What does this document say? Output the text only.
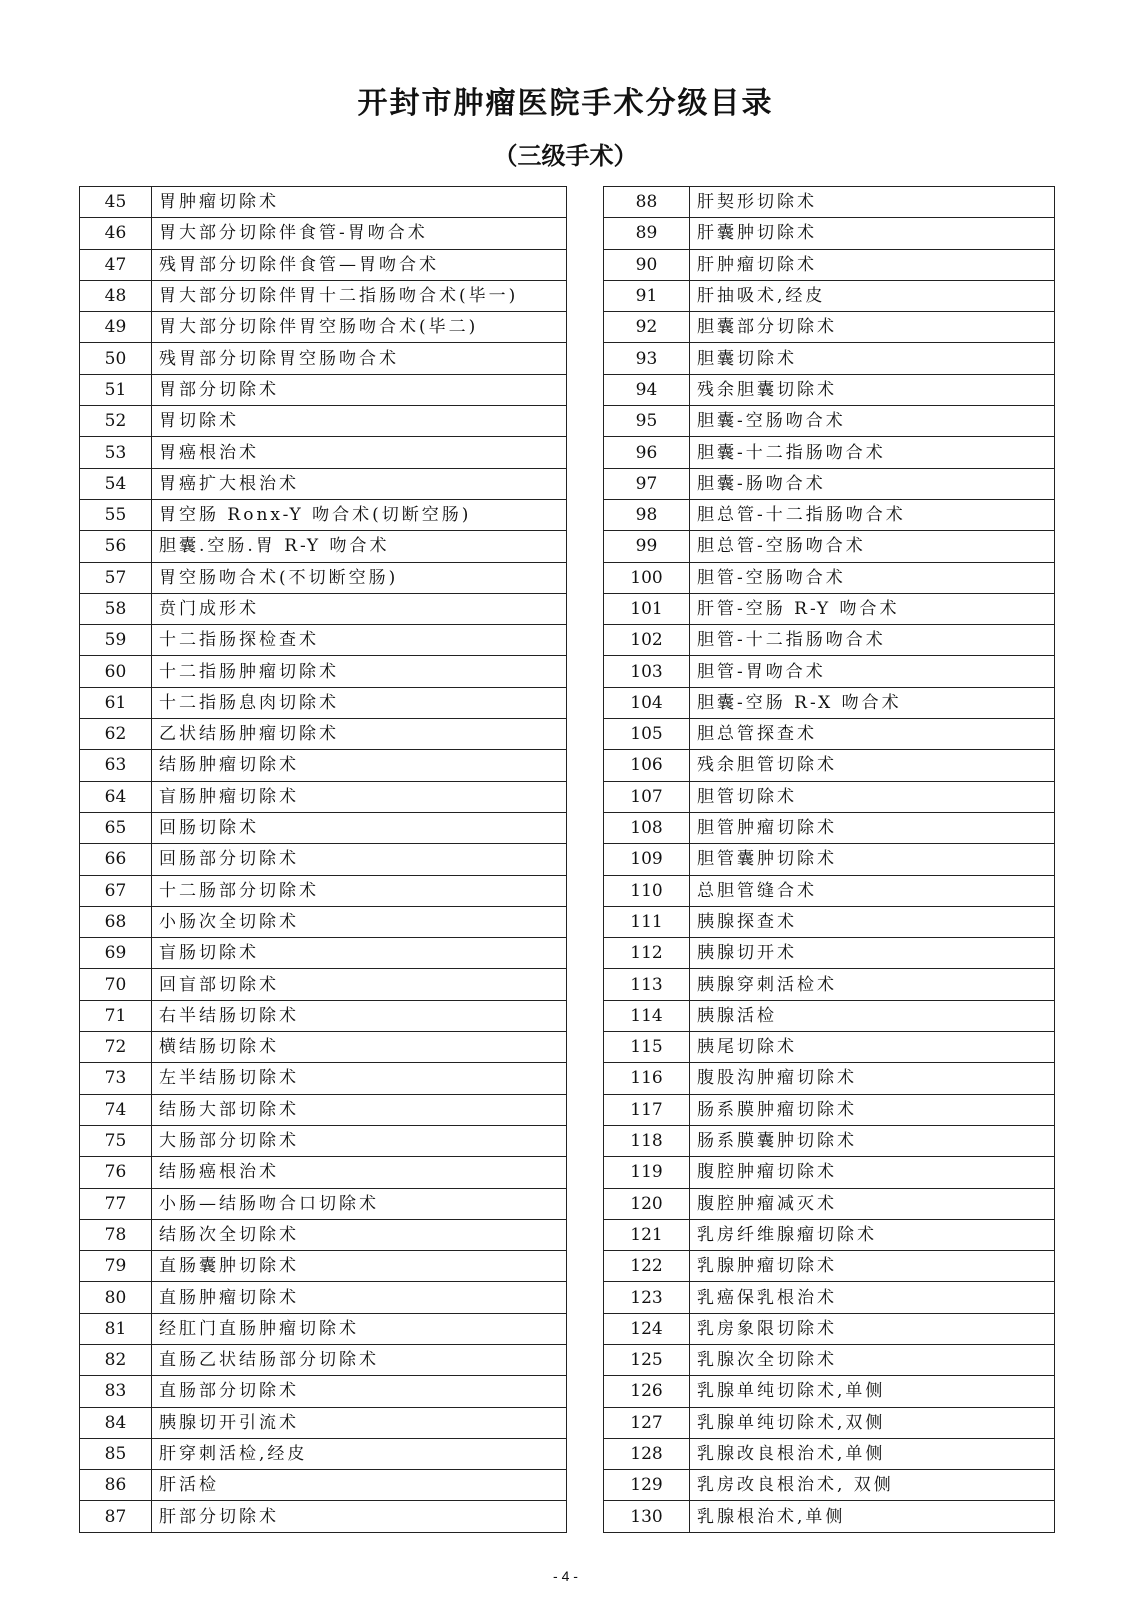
开封市肿瘤医院手术分级目录
（三级手术）
45	胃肿瘤切除术
46	胃大部分切除伴食管-胃吻合术
47	残胃部分切除伴食管—胃吻合术
48	胃大部分切除伴胃十二指肠吻合术(毕一)
49	胃大部分切除伴胃空肠吻合术(毕二)
50	残胃部分切除胃空肠吻合术
51	胃部分切除术
52	胃切除术
53	胃癌根治术
54	胃癌扩大根治术
55	胃空肠 Ronx-Y 吻合术(切断空肠)
56	胆囊.空肠.胃 R-Y 吻合术
57	胃空肠吻合术(不切断空肠)
58	贲门成形术
59	十二指肠探检查术
60	十二指肠肿瘤切除术
61	十二指肠息肉切除术
62	乙状结肠肿瘤切除术
63	结肠肿瘤切除术
64	盲肠肿瘤切除术
65	回肠切除术
66	回肠部分切除术
67	十二肠部分切除术
68	小肠次全切除术
69	盲肠切除术
70	回盲部切除术
71	右半结肠切除术
72	横结肠切除术
73	左半结肠切除术
74	结肠大部切除术
75	大肠部分切除术
76	结肠癌根治术
77	小肠—结肠吻合口切除术
78	结肠次全切除术
79	直肠囊肿切除术
80	直肠肿瘤切除术
81	经肛门直肠肿瘤切除术
82	直肠乙状结肠部分切除术
83	直肠部分切除术
84	胰腺切开引流术
85	肝穿刺活检,经皮
86	肝活检
87	肝部分切除术
88	肝契形切除术
89	肝囊肿切除术
90	肝肿瘤切除术
91	肝抽吸术,经皮
92	胆囊部分切除术
93	胆囊切除术
94	残余胆囊切除术
95	胆囊-空肠吻合术
96	胆囊-十二指肠吻合术
97	胆囊-肠吻合术
98	胆总管-十二指肠吻合术
99	胆总管-空肠吻合术
100	胆管-空肠吻合术
101	肝管-空肠 R-Y 吻合术
102	胆管-十二指肠吻合术
103	胆管-胃吻合术
104	胆囊-空肠 R-X 吻合术
105	胆总管探查术
106	残余胆管切除术
107	胆管切除术
108	胆管肿瘤切除术
109	胆管囊肿切除术
110	总胆管缝合术
111	胰腺探查术
112	胰腺切开术
113	胰腺穿刺活检术
114	胰腺活检
115	胰尾切除术
116	腹股沟肿瘤切除术
117	肠系膜肿瘤切除术
118	肠系膜囊肿切除术
119	腹腔肿瘤切除术
120	腹腔肿瘤减灭术
121	乳房纤维腺瘤切除术
122	乳腺肿瘤切除术
123	乳癌保乳根治术
124	乳房象限切除术
125	乳腺次全切除术
126	乳腺单纯切除术,单侧
127	乳腺单纯切除术,双侧
128	乳腺改良根治术,单侧
129	乳房改良根治术, 双侧
130	乳腺根治术,单侧
- 4 -
